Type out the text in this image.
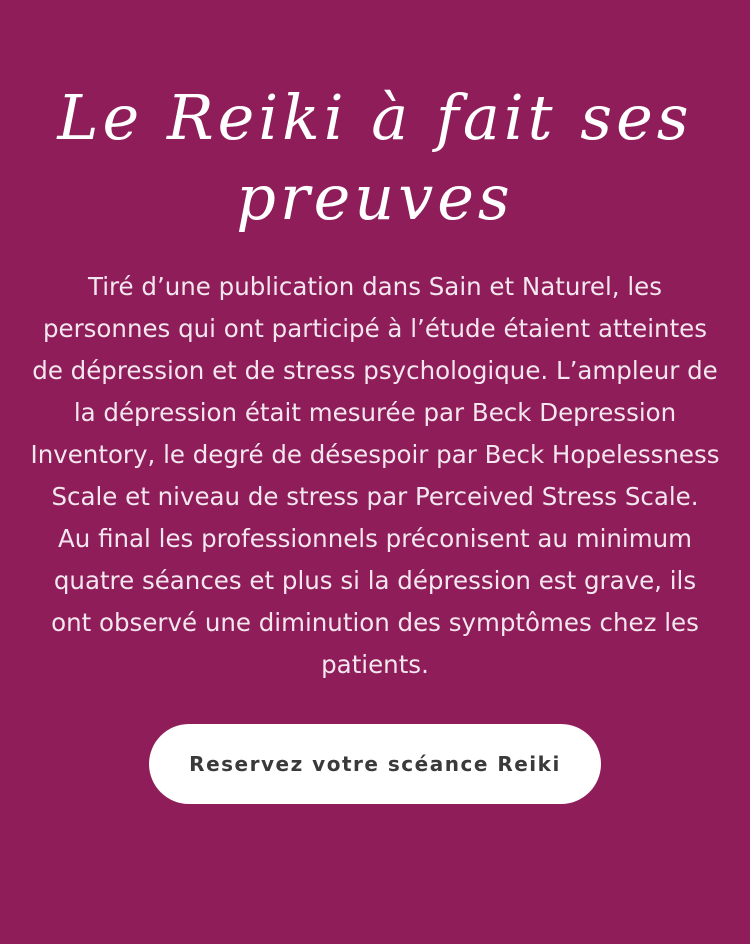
Le Reiki à fait ses preuves

Tiré d’une publication dans Sain et Naturel, les personnes qui ont participé à l’étude étaient atteintes de dépression et de stress psychologique. L’ampleur de la dépression était mesurée par Beck Depression Inventory, le degré de désespoir par Beck Hopelessness Scale et niveau de stress par Perceived Stress Scale.

Au final les professionnels préconisent au minimum quatre séances et plus si la dépression est grave, ils ont observé une diminution des symptômes chez les patients.

Reservez votre scéance Reiki
